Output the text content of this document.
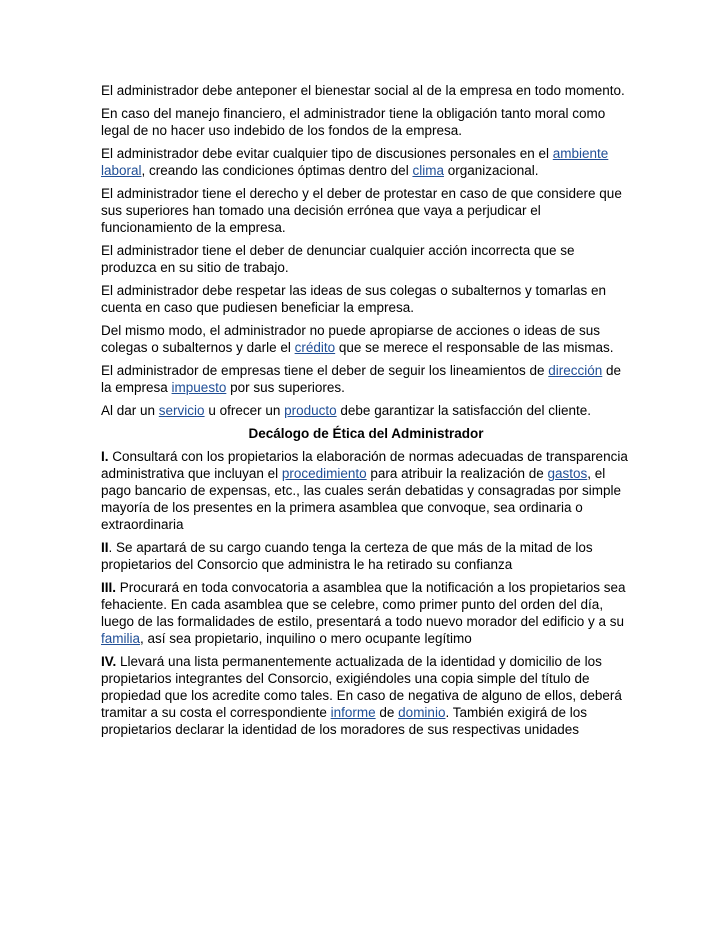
El administrador debe anteponer el bienestar social al de la empresa en todo momento.

En caso del manejo financiero, el administrador tiene la obligación tanto moral como legal de no hacer uso indebido de los fondos de la empresa.

El administrador debe evitar cualquier tipo de discusiones personales en el ambiente laboral, creando las condiciones óptimas dentro del clima organizacional.

El administrador tiene el derecho y el deber de protestar en caso de que considere que sus superiores han tomado una decisión errónea que vaya a perjudicar el funcionamiento de la empresa.

El administrador tiene el deber de denunciar cualquier acción incorrecta que se produzca en su sitio de trabajo.

El administrador debe respetar las ideas de sus colegas o subalternos y tomarlas en cuenta en caso que pudiesen beneficiar la empresa.

Del mismo modo, el administrador no puede apropiarse de acciones o ideas de sus colegas o subalternos y darle el crédito que se merece el responsable de las mismas.

El administrador de empresas tiene el deber de seguir los lineamientos de dirección de la empresa impuesto por sus superiores.

Al dar un servicio u ofrecer un producto debe garantizar la satisfacción del cliente.

Decálogo de Ética del Administrador

I. Consultará con los propietarios la elaboración de normas adecuadas de transparencia administrativa que incluyan el procedimiento para atribuir la realización de gastos, el pago bancario de expensas, etc., las cuales serán debatidas y consagradas por simple mayoría de los presentes en la primera asamblea que convoque, sea ordinaria o extraordinaria

II. Se apartará de su cargo cuando tenga la certeza de que más de la mitad de los propietarios del Consorcio que administra le ha retirado su confianza

III. Procurará en toda convocatoria a asamblea que la notificación a los propietarios sea fehaciente. En cada asamblea que se celebre, como primer punto del orden del día, luego de las formalidades de estilo, presentará a todo nuevo morador del edificio y a su familia, así sea propietario, inquilino o mero ocupante legítimo

IV. Llevará una lista permanentemente actualizada de la identidad y domicilio de los propietarios integrantes del Consorcio, exigiéndoles una copia simple del título de propiedad que los acredite como tales. En caso de negativa de alguno de ellos, deberá tramitar a su costa el correspondiente informe de dominio. También exigirá de los propietarios declarar la identidad de los moradores de sus respectivas unidades
